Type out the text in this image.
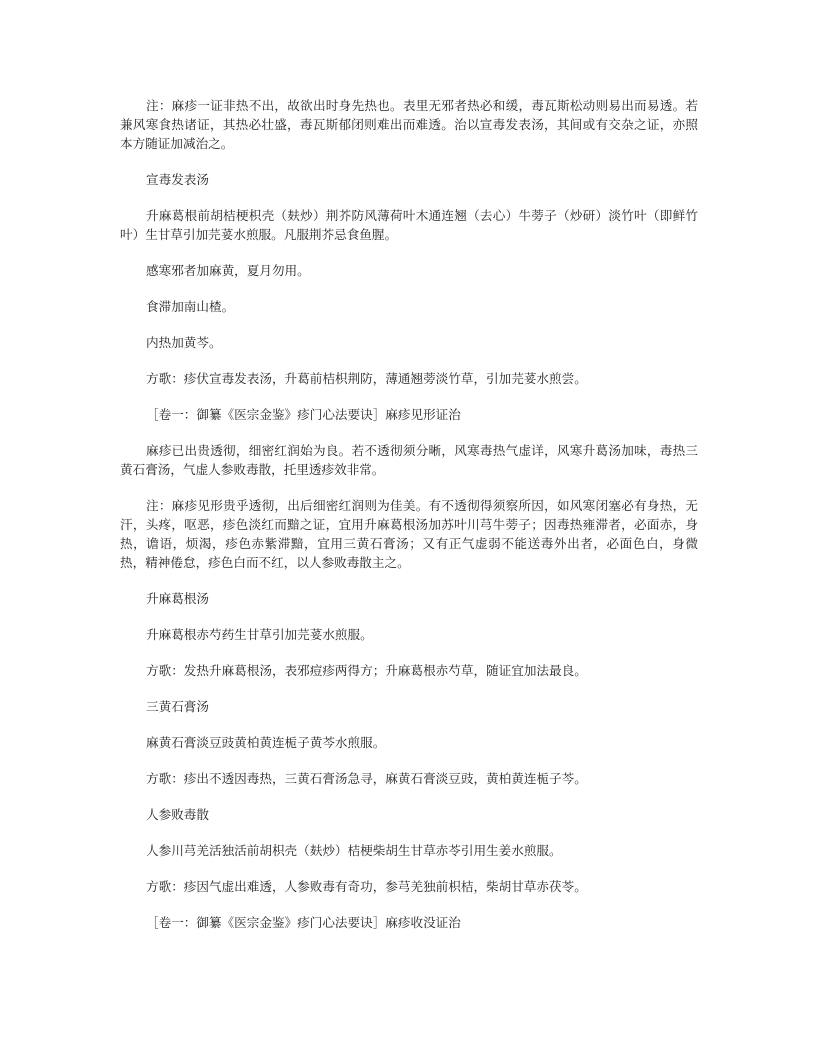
注：麻疹一证非热不出，故欲出时身先热也。表里无邪者热必和缓，毒瓦斯松动则易出而易透。若兼风寒食热诸证，其热必壮盛，毒瓦斯郁闭则难出而难透。治以宣毒发表汤，其间或有交杂之证，亦照本方随证加减治之。

宣毒发表汤

升麻葛根前胡桔梗枳壳（麸炒）荆芥防风薄荷叶木通连翘（去心）牛蒡子（炒研）淡竹叶（即鲜竹叶）生甘草引加芫荽水煎服。凡服荆芥忌食鱼腥。

感寒邪者加麻黄，夏月勿用。

食滞加南山楂。

内热加黄芩。

方歌：疹伏宣毒发表汤，升葛前桔枳荆防，薄通翘蒡淡竹草，引加芫荽水煎尝。

［卷一：御纂《医宗金鉴》疹门心法要诀］麻疹见形证治

麻疹已出贵透彻，细密红润始为良。若不透彻须分晰，风寒毒热气虚详，风寒升葛汤加味，毒热三黄石膏汤，气虚人参败毒散，托里透疹效非常。

注：麻疹见形贵乎透彻，出后细密红润则为佳美。有不透彻得须察所因，如风寒闭塞必有身热，无汗，头疼，呕恶，疹色淡红而黯之证，宜用升麻葛根汤加苏叶川芎牛蒡子；因毒热雍滞者，必面赤，身热，谵语，烦渴，疹色赤紫滞黯，宜用三黄石膏汤；又有正气虚弱不能送毒外出者，必面色白，身微热，精神倦怠，疹色白而不红，以人参败毒散主之。

升麻葛根汤

升麻葛根赤芍药生甘草引加芫荽水煎服。

方歌：发热升麻葛根汤，表邪痘疹两得方；升麻葛根赤芍草，随证宜加法最良。

三黄石膏汤

麻黄石膏淡豆豉黄柏黄连栀子黄芩水煎服。

方歌：疹出不透因毒热，三黄石膏汤急寻，麻黄石膏淡豆豉，黄柏黄连栀子芩。

人参败毒散

人参川芎羌活独活前胡枳壳（麸炒）桔梗柴胡生甘草赤苓引用生姜水煎服。

方歌：疹因气虚出难透，人参败毒有奇功，参芎羌独前枳桔，柴胡甘草赤茯苓。

［卷一：御纂《医宗金鉴》疹门心法要诀］麻疹收没证治
